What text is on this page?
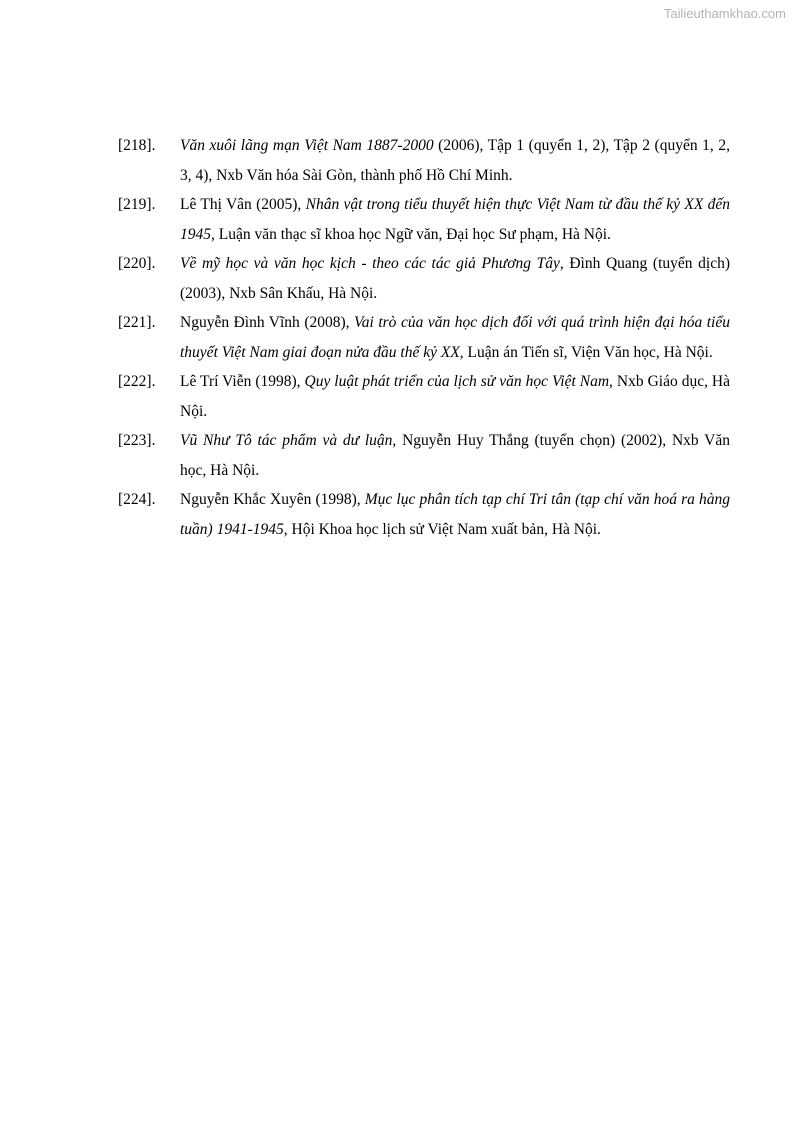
Tailieuthamkhao.com
[218]. Văn xuôi lãng mạn Việt Nam 1887-2000 (2006), Tập 1 (quyển 1, 2), Tập 2 (quyển 1, 2, 3, 4), Nxb Văn hóa Sài Gòn, thành phố Hồ Chí Minh.
[219]. Lê Thị Vân (2005), Nhân vật trong tiểu thuyết hiện thực Việt Nam từ đầu thế kỷ XX đến 1945, Luận văn thạc sĩ khoa học Ngữ văn, Đại học Sư phạm, Hà Nội.
[220]. Về mỹ học và văn học kịch - theo các tác giả Phương Tây, Đình Quang (tuyển dịch) (2003), Nxb Sân Khấu, Hà Nội.
[221]. Nguyễn Đình Vĩnh (2008), Vai trò của văn học dịch đối với quá trình hiện đại hóa tiểu thuyết Việt Nam giai đoạn nửa đầu thế kỷ XX, Luận án Tiến sĩ, Viện Văn học, Hà Nội.
[222]. Lê Trí Viễn (1998), Quy luật phát triển của lịch sử văn học Việt Nam, Nxb Giáo dục, Hà Nội.
[223]. Vũ Như Tô tác phẩm và dư luận, Nguyễn Huy Thắng (tuyển chọn) (2002), Nxb Văn học, Hà Nội.
[224]. Nguyễn Khắc Xuyên (1998), Mục lục phân tích tạp chí Tri tân (tạp chí văn hoá ra hàng tuần) 1941-1945, Hội Khoa học lịch sử Việt Nam xuất bản, Hà Nội.
